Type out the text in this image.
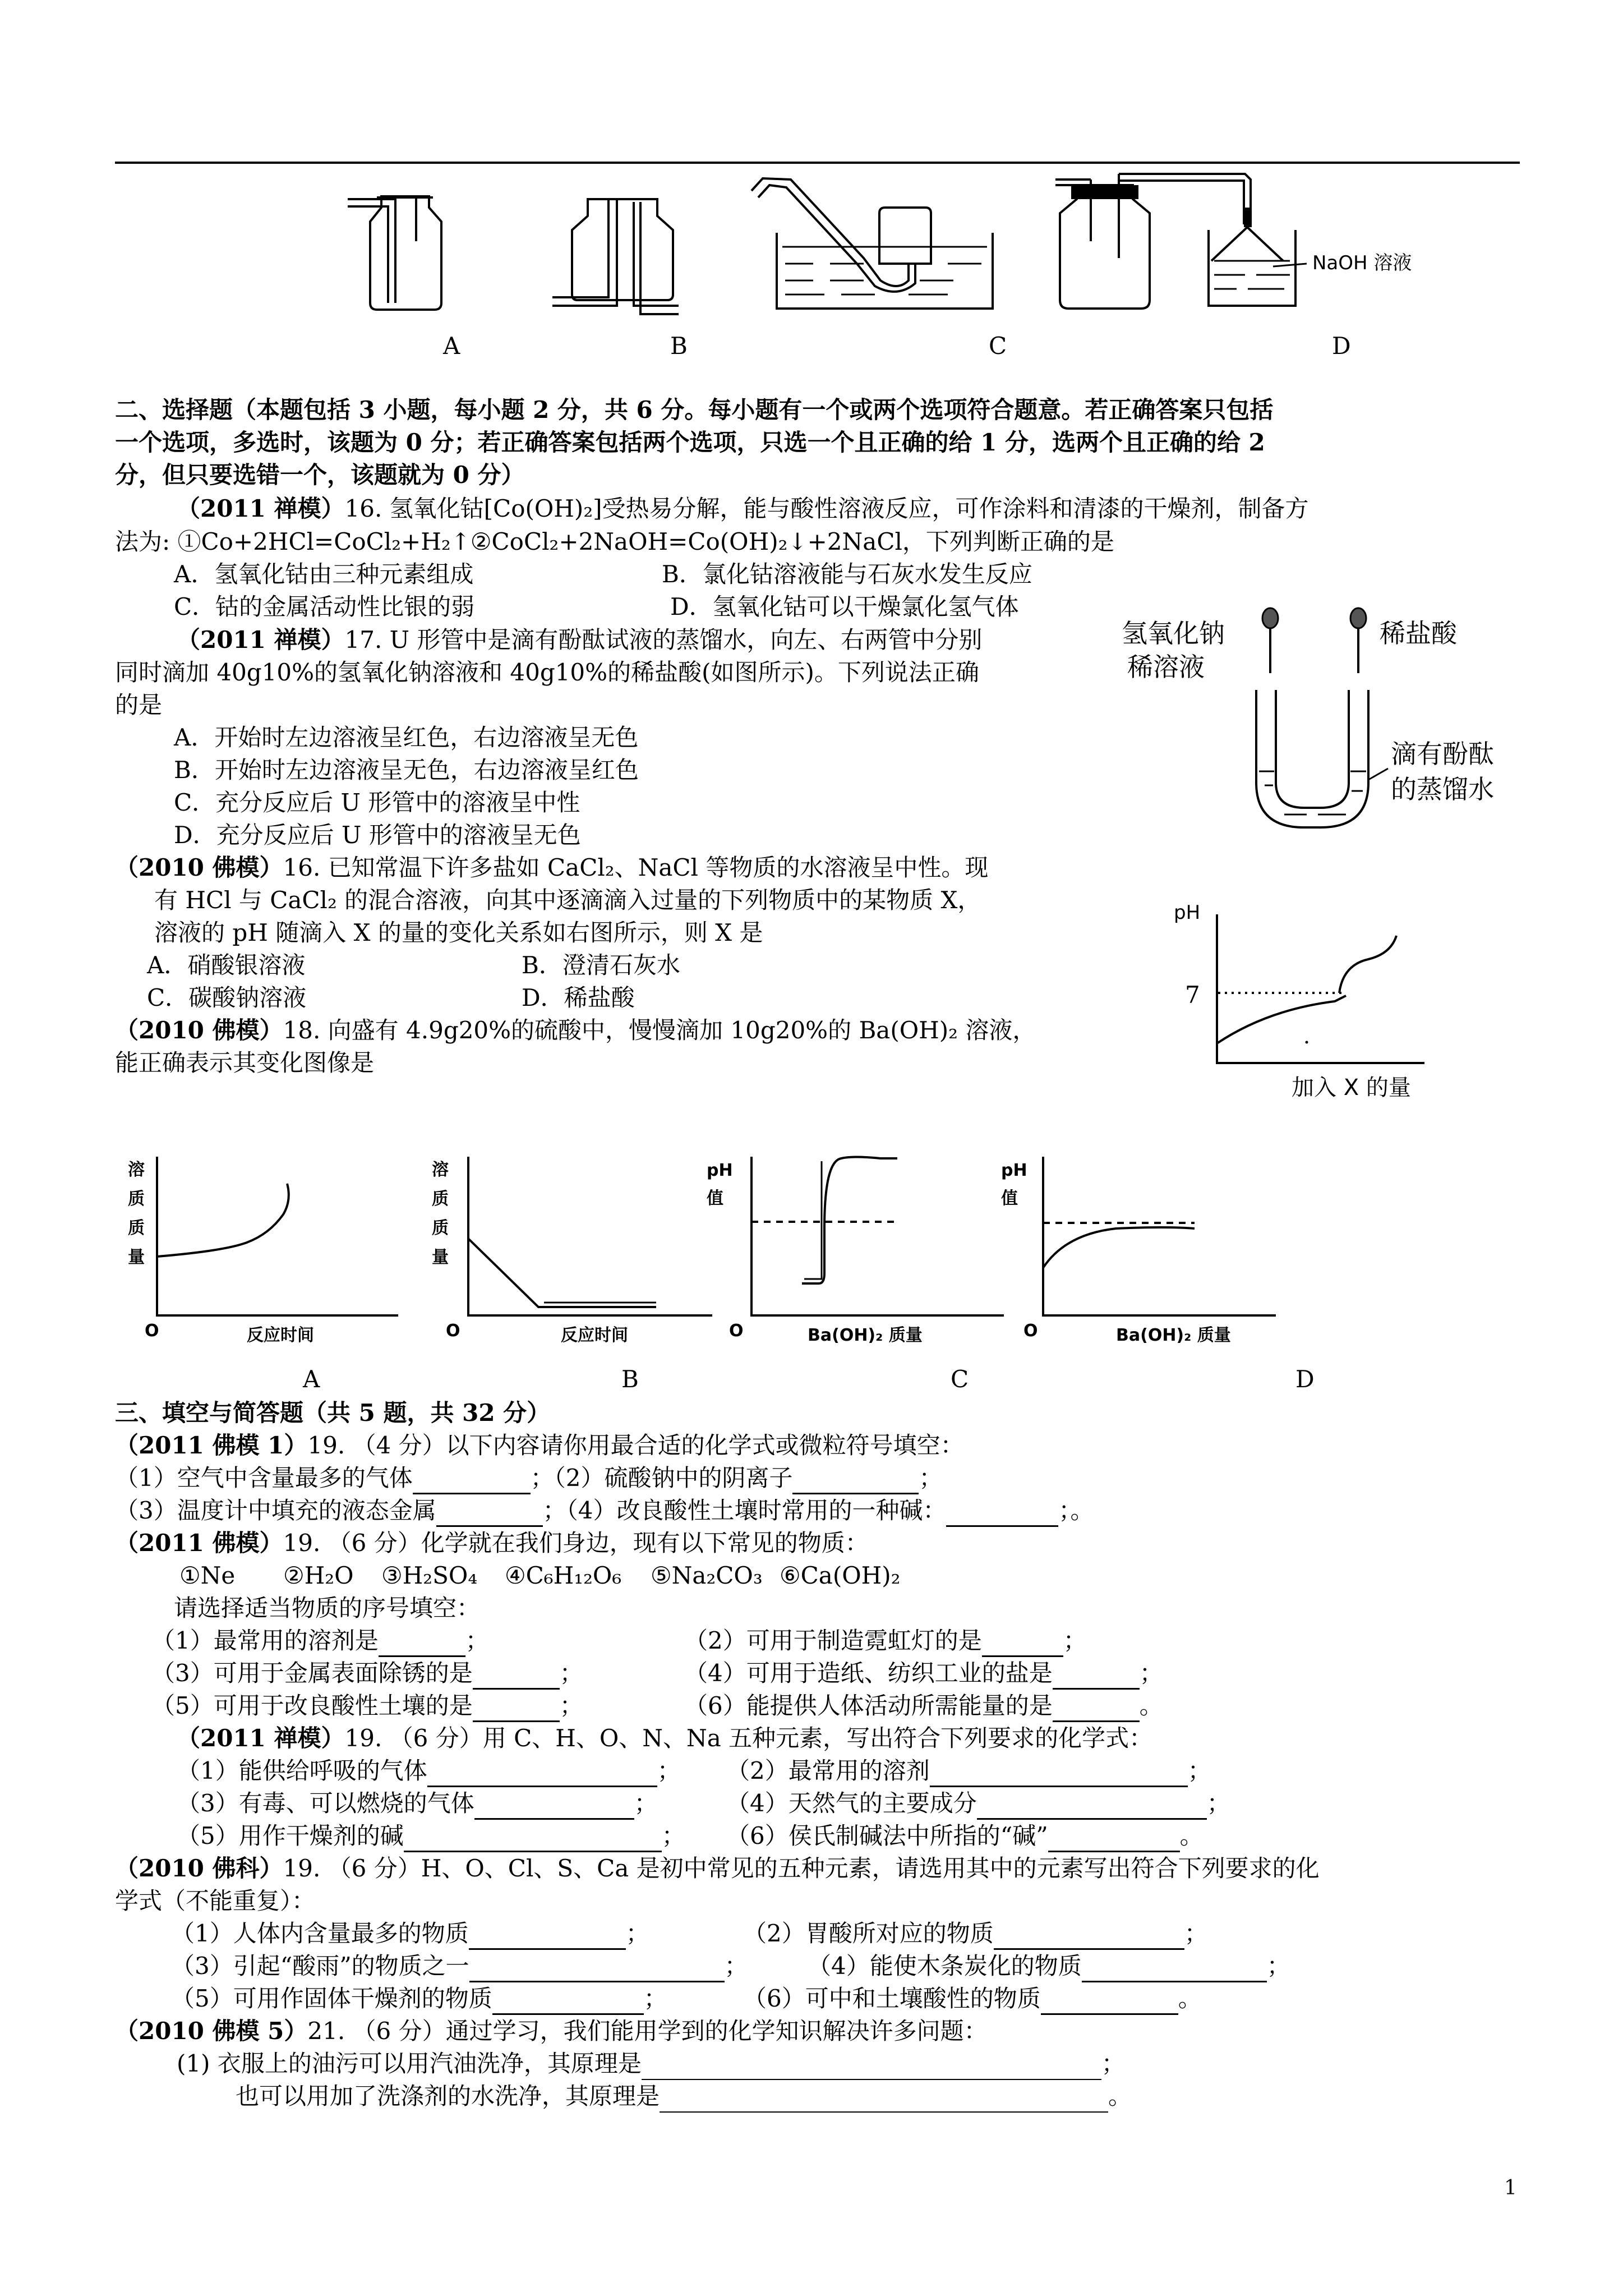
NaOH 溶液
A	B	C	D
二、选择题（本题包括 3 小题，每小题 2 分，共 6 分。每小题有一个或两个选项符合题意。若正确答案只包括
一个选项，多选时，该题为 0 分；若正确答案包括两个选项，只选一个且正确的给 1 分，选两个且正确的给 2
分，但只要选错一个，该题就为 0 分）
（2011 禅模）16. 氢氧化钴[Co(OH)₂]受热易分解，能与酸性溶液反应，可作涂料和清漆的干燥剂，制备方
法为: ①Co+2HCl=CoCl₂+H₂↑②CoCl₂+2NaOH=Co(OH)₂↓+2NaCl，下列判断正确的是
A．氢氧化钴由三种元素组成	B．氯化钴溶液能与石灰水发生反应
C．钴的金属活动性比银的弱	D．氢氧化钴可以干燥氯化氢气体
（2011 禅模）17. U 形管中是滴有酚酞试液的蒸馏水，向左、右两管中分别
同时滴加 40g10%的氢氧化钠溶液和 40g10%的稀盐酸(如图所示)。下列说法正确
的是
A．开始时左边溶液呈红色，右边溶液呈无色
B．开始时左边溶液呈无色，右边溶液呈红色
C．充分反应后 U 形管中的溶液呈中性
D．充分反应后 U 形管中的溶液呈无色
氢氧化钠
稀溶液
稀盐酸
滴有酚酞
的蒸馏水
（2010 佛模）16. 已知常温下许多盐如 CaCl₂、NaCl 等物质的水溶液呈中性。现
有 HCl 与 CaCl₂ 的混合溶液，向其中逐滴滴入过量的下列物质中的某物质 X，
溶液的 pH 随滴入 X 的量的变化关系如右图所示，则 X 是
A．硝酸银溶液	B．澄清石灰水
C．碳酸钠溶液	D．稀盐酸
pH
7
加入 X 的量
（2010 佛模）18. 向盛有 4.9g20%的硫酸中，慢慢滴加 10g20%的 Ba(OH)₂ 溶液，
能正确表示其变化图像是
溶质质量
O	反应时间
A
溶质质量
O	反应时间
B
pH值
O	Ba(OH)₂ 质量
C
pH值
O	Ba(OH)₂ 质量
D
三、填空与简答题（共 5 题，共 32 分）
（2011 佛模 1）19. （4 分）以下内容请你用最合适的化学式或微粒符号填空：
（1）空气中含量最多的气体	；（2）硫酸钠中的阴离子	；
（3）温度计中填充的液态金属	；（4）改良酸性土壤时常用的一种碱：	；。
（2011 佛模）19. （6 分）化学就在我们身边，现有以下常见的物质：
①Ne ②H₂O ③H₂SO₄ ④C₆H₁₂O₆ ⑤Na₂CO₃ ⑥Ca(OH)₂
请选择适当物质的序号填空：
（1）最常用的溶剂是	；	（2）可用于制造霓虹灯的是	；
（3）可用于金属表面除锈的是	；	（4）可用于造纸、纺织工业的盐是	；
（5）可用于改良酸性土壤的是	；	（6）能提供人体活动所需能量的是	。
（2011 禅模）19. （6 分）用 C、H、O、N、Na 五种元素，写出符合下列要求的化学式：
（1）能供给呼吸的气体	； （2）最常用的溶剂	；
（3）有毒、可以燃烧的气体	；	（4）天然气的主要成分	；
（5）用作干燥剂的碱	； （6）侯氏制碱法中所指的“碱”	。
（2010 佛科）19. （6 分）H、O、Cl、S、Ca 是初中常见的五种元素，请选用其中的元素写出符合下列要求的化
学式（不能重复）：
（1）人体内含量最多的物质	；	（2）胃酸所对应的物质	；
（3）引起“酸雨”的物质之一	；	（4）能使木条炭化的物质	；
（5）可用作固体干燥剂的物质	；	（6）可中和土壤酸性的物质	。
（2010 佛模 5）21. （6 分）通过学习，我们能用学到的化学知识解决许多问题：
(1) 衣服上的油污可以用汽油洗净，其原理是	；
也可以用加了洗涤剂的水洗净，其原理是	。
1
